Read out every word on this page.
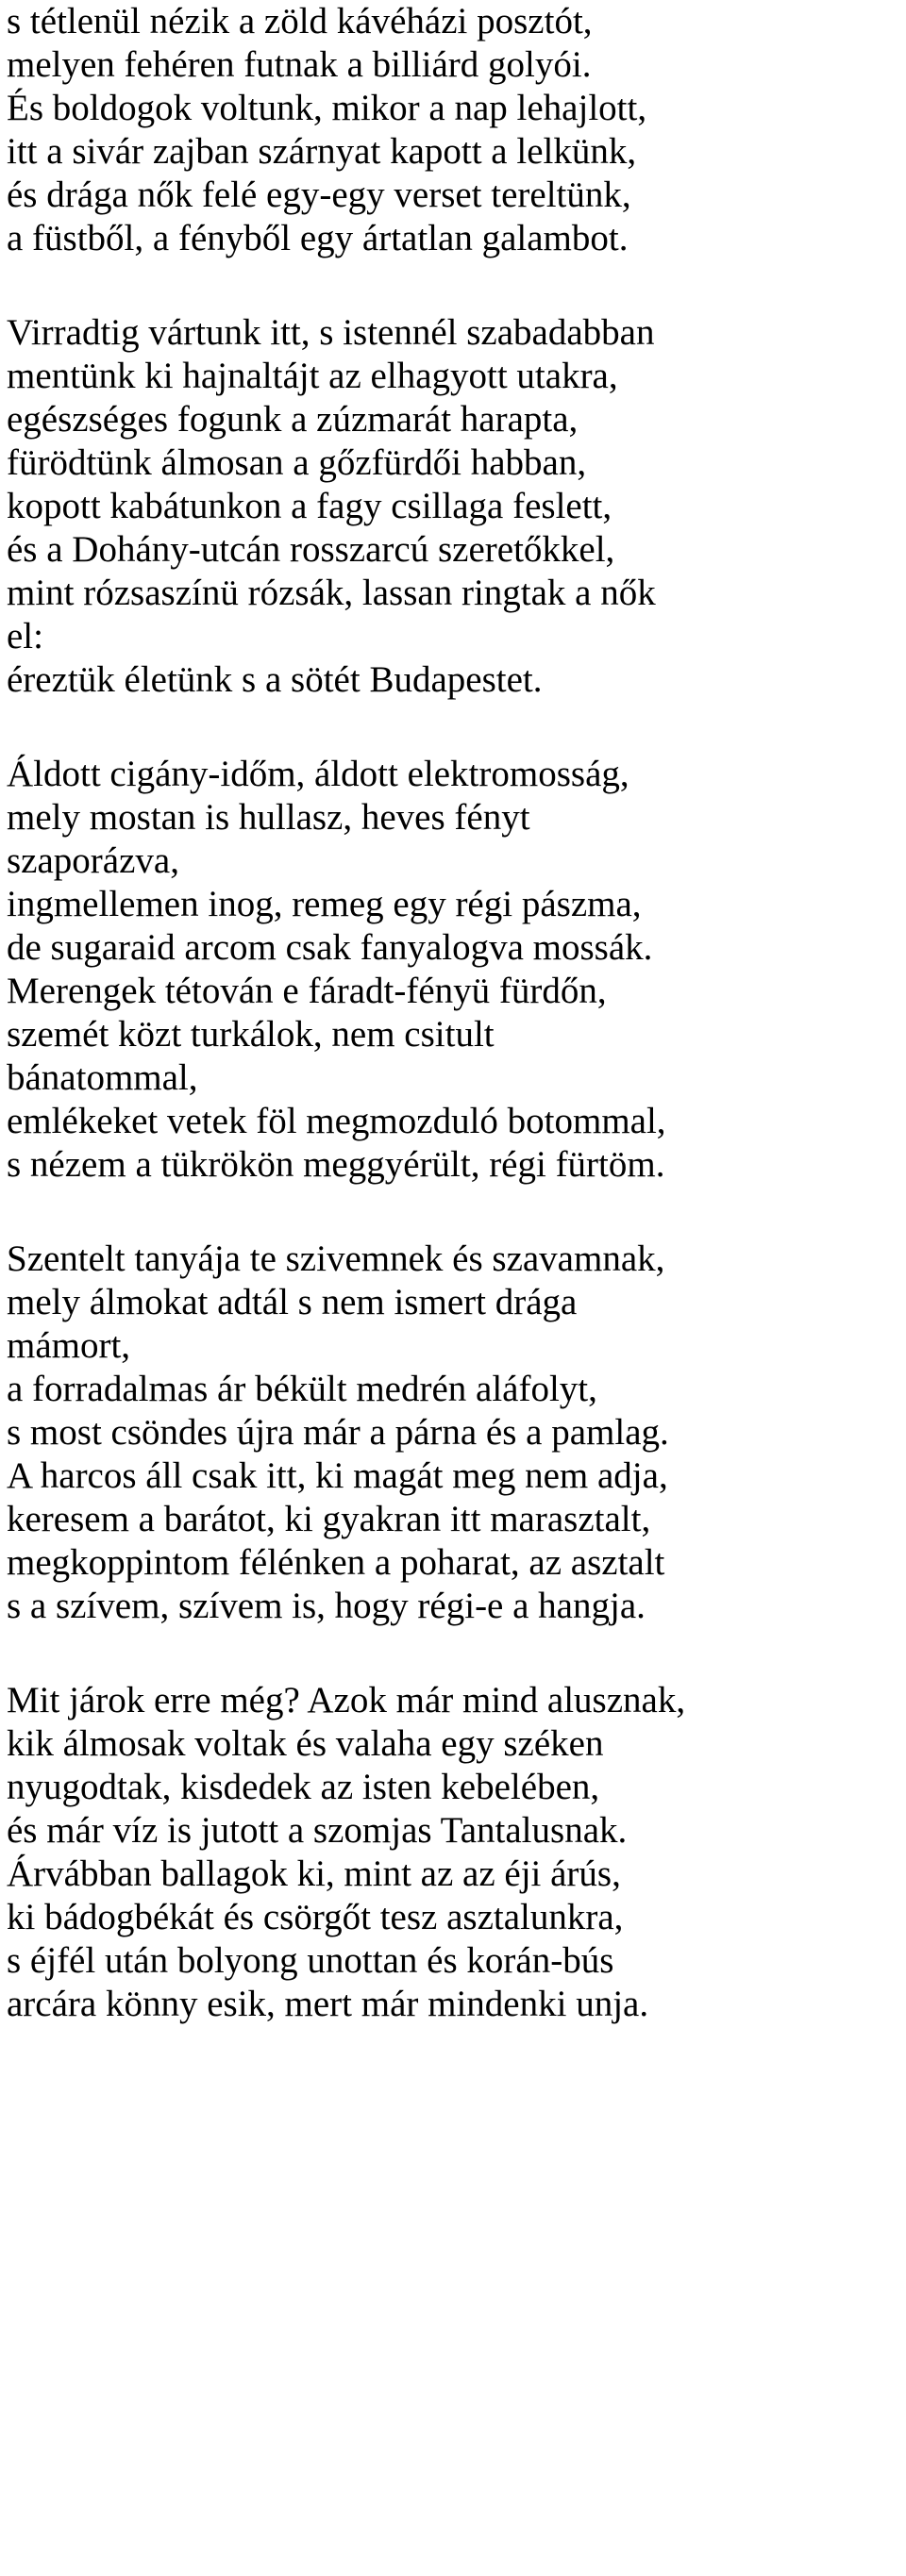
s tétlenül nézik a zöld kávéházi posztót,
melyen fehéren futnak a billiárd golyói.
És boldogok voltunk, mikor a nap lehajlott,
itt a sivár zajban szárnyat kapott a lelkünk,
és drága nők felé egy-egy verset tereltünk,
a füstből, a fényből egy ártatlan galambot.
Virradtig vártunk itt, s istennél szabadabban
mentünk ki hajnaltájt az elhagyott utakra,
egészséges fogunk a zúzmarát harapta,
fürödtünk álmosan a gőzfürdői habban,
kopott kabátunkon a fagy csillaga feslett,
és a Dohány-utcán rosszarcú szeretőkkel,
mint rózsaszínü rózsák, lassan ringtak a nők
el:
éreztük életünk s a sötét Budapestet.
Áldott cigány-időm, áldott elektromosság,
mely mostan is hullasz, heves fényt
szaporázva,
ingmellemen inog, remeg egy régi pászma,
de sugaraid arcom csak fanyalogva mossák.
Merengek tétován e fáradt-fényü fürdőn,
szemét közt turkálok, nem csitult
bánatommal,
emlékeket vetek föl megmozduló botommal,
s nézem a tükrökön meggyérült, régi fürtöm.
Szentelt tanyája te szivemnek és szavamnak,
mely álmokat adtál s nem ismert drága
mámort,
a forradalmas ár békült medrén aláfolyt,
s most csöndes újra már a párna és a pamlag.
A harcos áll csak itt, ki magát meg nem adja,
keresem a barátot, ki gyakran itt marasztalt,
megkoppintom félénken a poharat, az asztalt
s a szívem, szívem is, hogy régi-e a hangja.
Mit járok erre még? Azok már mind alusznak,
kik álmosak voltak és valaha egy széken
nyugodtak, kisdedek az isten kebelében,
és már víz is jutott a szomjas Tantalusnak.
Árvábban ballagok ki, mint az az éji árús,
ki bádogbékát és csörgőt tesz asztalunkra,
s éjfél után bolyong unottan és korán-bús
arcára könny esik, mert már mindenki unja.
